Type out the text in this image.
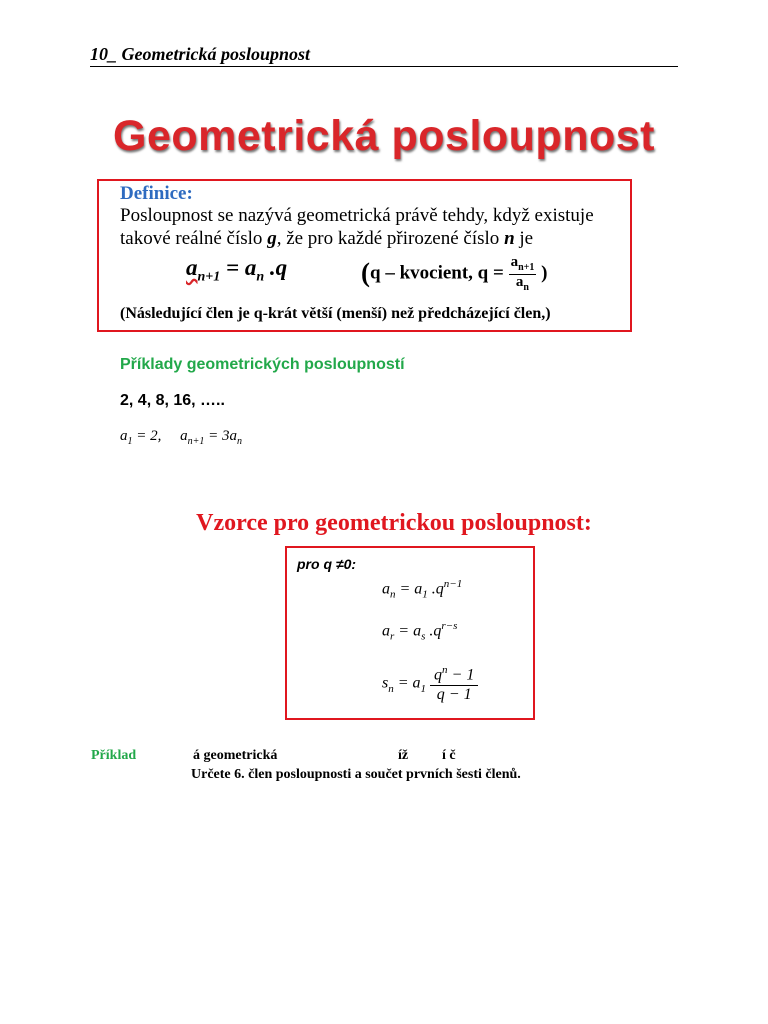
10_ Geometrická posloupnost
Geometrická posloupnost
Definice:
Posloupnost se nazývá geometrická právě tehdy, když existuje
takové reálné číslo g, že pro každé přirozené číslo n je
$a_{n+1} = a_n$ .q	(q – kvocient, $q = \frac{a_{n+1}}{a_n}$ )
(Následující člen je q-krát větší (menší) než předcházející člen,)
Příklady geometrických posloupností
2, 4, 8, 16, …..
$a_1 = 2$, $a_{n+1} = 3a_n$
Vzorce pro geometrickou posloupnost:
pro q ≠0:
$a_n = a_1$ $.q^{n-1}$
$a_r = a_s$ $.q^{r-s}$
$s_n = a_1 \frac{q^n - 1}{q - 1}$
Příklad	á geometrická	íž í č
Určete 6. člen posloupnosti a součet prvních šesti členů.
